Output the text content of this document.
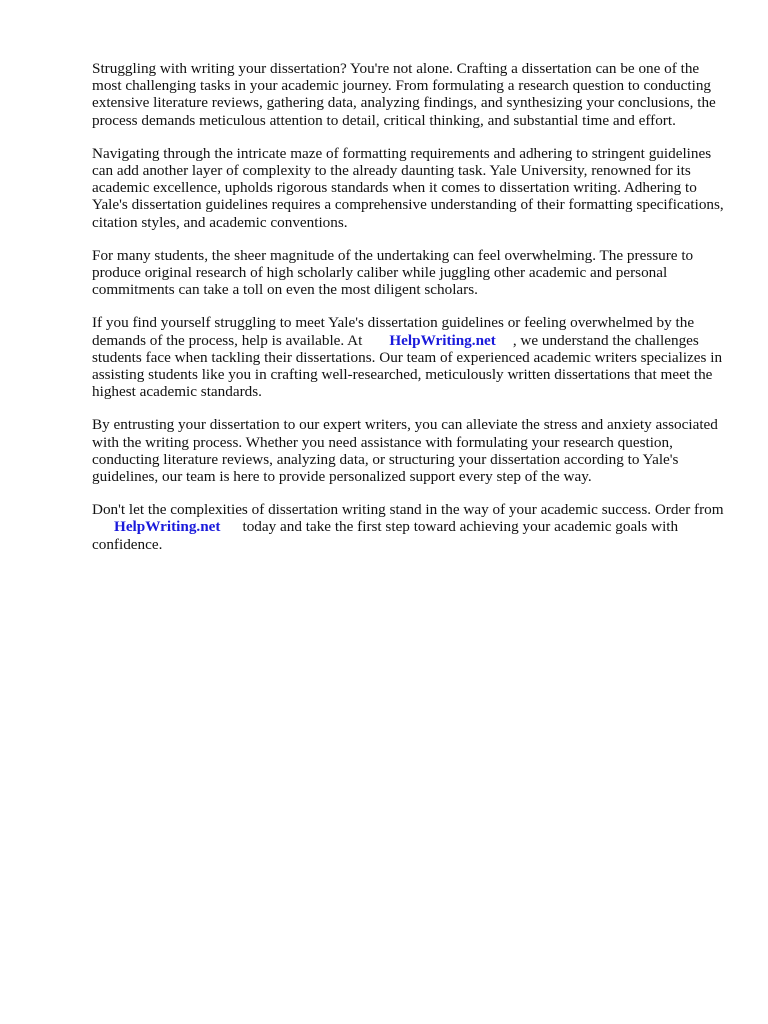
Struggling with writing your dissertation? You're not alone. Crafting a dissertation can be one of the most challenging tasks in your academic journey. From formulating a research question to conducting extensive literature reviews, gathering data, analyzing findings, and synthesizing your conclusions, the process demands meticulous attention to detail, critical thinking, and substantial time and effort.

Navigating through the intricate maze of formatting requirements and adhering to stringent guidelines can add another layer of complexity to the already daunting task. Yale University, renowned for its academic excellence, upholds rigorous standards when it comes to dissertation writing. Adhering to Yale's dissertation guidelines requires a comprehensive understanding of their formatting specifications, citation styles, and academic conventions.

For many students, the sheer magnitude of the undertaking can feel overwhelming. The pressure to produce original research of high scholarly caliber while juggling other academic and personal commitments can take a toll on even the most diligent scholars.

If you find yourself struggling to meet Yale's dissertation guidelines or feeling overwhelmed by the demands of the process, help is available. At HelpWriting.net , we understand the challenges students face when tackling their dissertations. Our team of experienced academic writers specializes in assisting students like you in crafting well-researched, meticulously written dissertations that meet the highest academic standards.

By entrusting your dissertation to our expert writers, you can alleviate the stress and anxiety associated with the writing process. Whether you need assistance with formulating your research question, conducting literature reviews, analyzing data, or structuring your dissertation according to Yale's guidelines, our team is here to provide personalized support every step of the way.

Don't let the complexities of dissertation writing stand in the way of your academic success. Order fromHelpWriting.net today and take the first step toward achieving your academic goals with confidence.
